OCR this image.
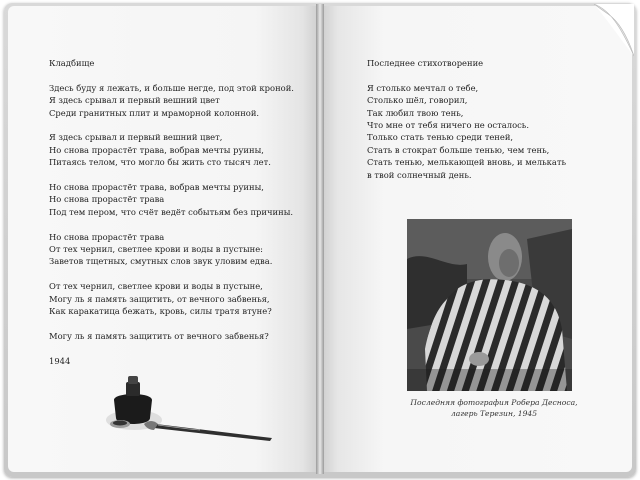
Кладбище
Здесь буду я лежать, и больше негде, под этой кроной.
Я здесь срывал и первый вешний цвет
Среди гранитных плит и мраморной колонной.
Я здесь срывал и первый вешний цвет,
Но снова прорастёт трава, вобрав мечты руины,
Питаясь телом, что могло бы жить сто тысяч лет.
Но снова прорастёт трава, вобрав мечты руины,
Но снова прорастёт трава
Под тем пером, что счёт ведёт событьям без причины.
Но снова прорастёт трава
От тех чернил, светлее крови и воды в пустыне:
Заветов тщетных, смутных слов звук уловим едва.
От тех чернил, светлее крови и воды в пустыне,
Могу ль я память защитить, от вечного забвенья,
Как каракатица бежать, кровь, силы тратя втуне?
Могу ль я память защитить от вечного забвенья?
1944
Последнее стихотворение
Я столько мечтал о тебе,
Столько шёл, говорил,
Так любил твою тень,
Что мне от тебя ничего не осталось.
Только стать тенью среди теней,
Стать в стократ больше тенью, чем тень,
Стать тенью, мелькающей вновь, и мелькать
в твой солнечный день.
Последняя фотография Робера Десноса, лагерь Терезин, 1945
